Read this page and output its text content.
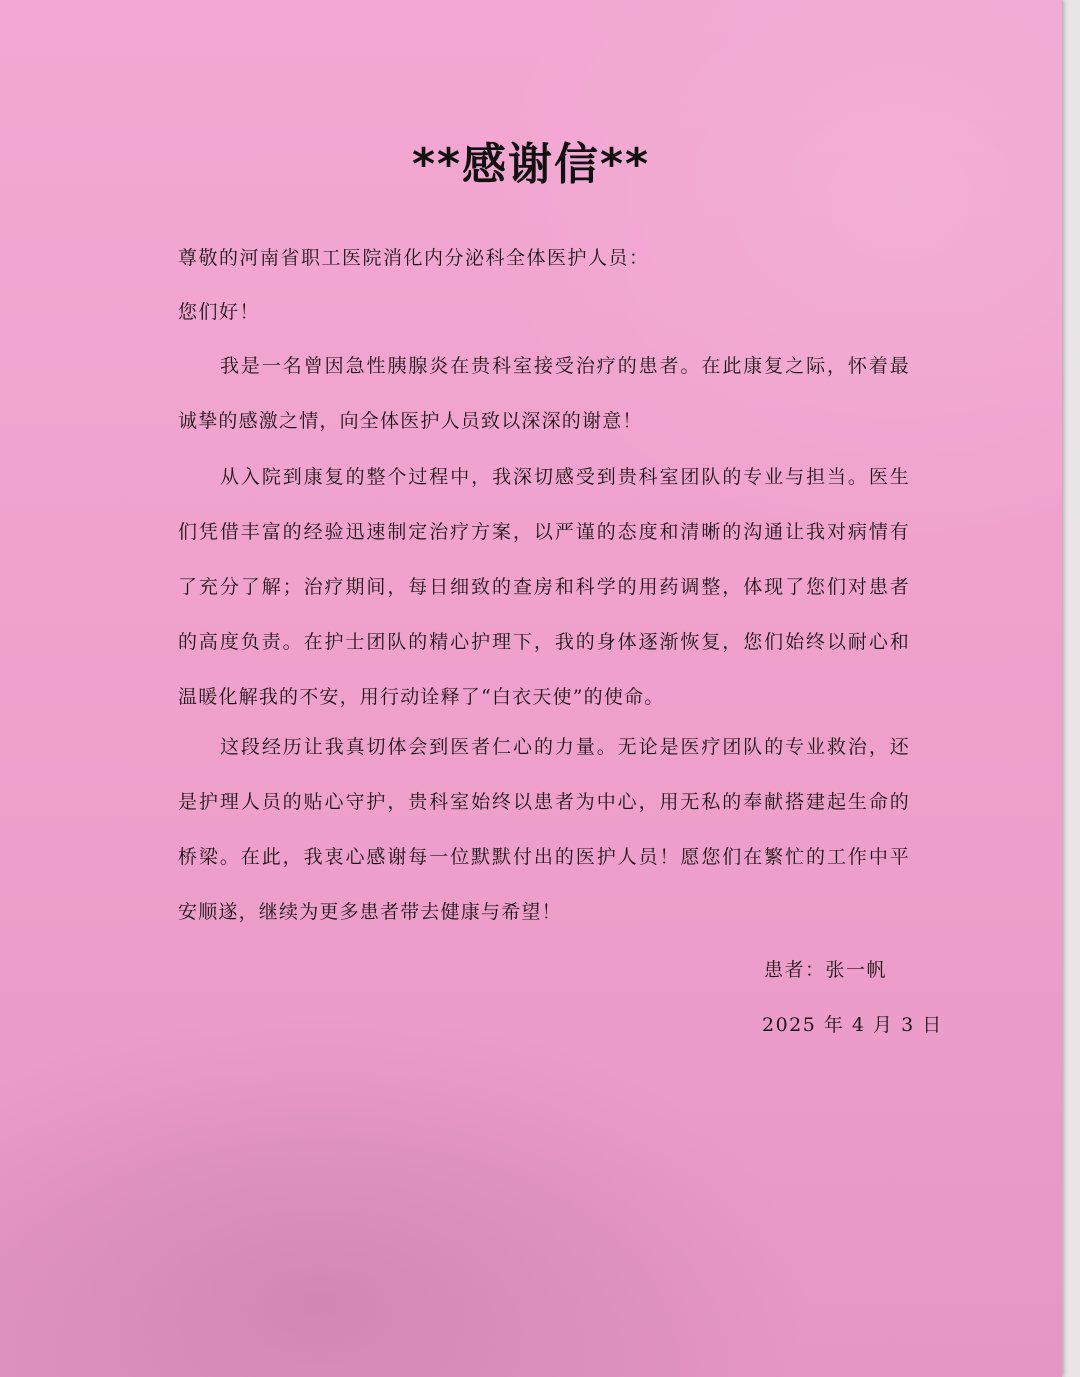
**感谢信**
尊敬的河南省职工医院消化内分泌科全体医护人员：
您们好！
我是一名曾因急性胰腺炎在贵科室接受治疗的患者。在此康复之际，怀着最
诚挚的感激之情，向全体医护人员致以深深的谢意！
从入院到康复的整个过程中，我深切感受到贵科室团队的专业与担当。医生
们凭借丰富的经验迅速制定治疗方案，以严谨的态度和清晰的沟通让我对病情有
了充分了解；治疗期间，每日细致的查房和科学的用药调整，体现了您们对患者
的高度负责。在护士团队的精心护理下，我的身体逐渐恢复，您们始终以耐心和
温暖化解我的不安，用行动诠释了“白衣天使”的使命。
这段经历让我真切体会到医者仁心的力量。无论是医疗团队的专业救治，还
是护理人员的贴心守护，贵科室始终以患者为中心，用无私的奉献搭建起生命的
桥梁。在此，我衷心感谢每一位默默付出的医护人员！愿您们在繁忙的工作中平
安顺遂，继续为更多患者带去健康与希望！
患者：张一帆
2025 年 4 月 3 日
